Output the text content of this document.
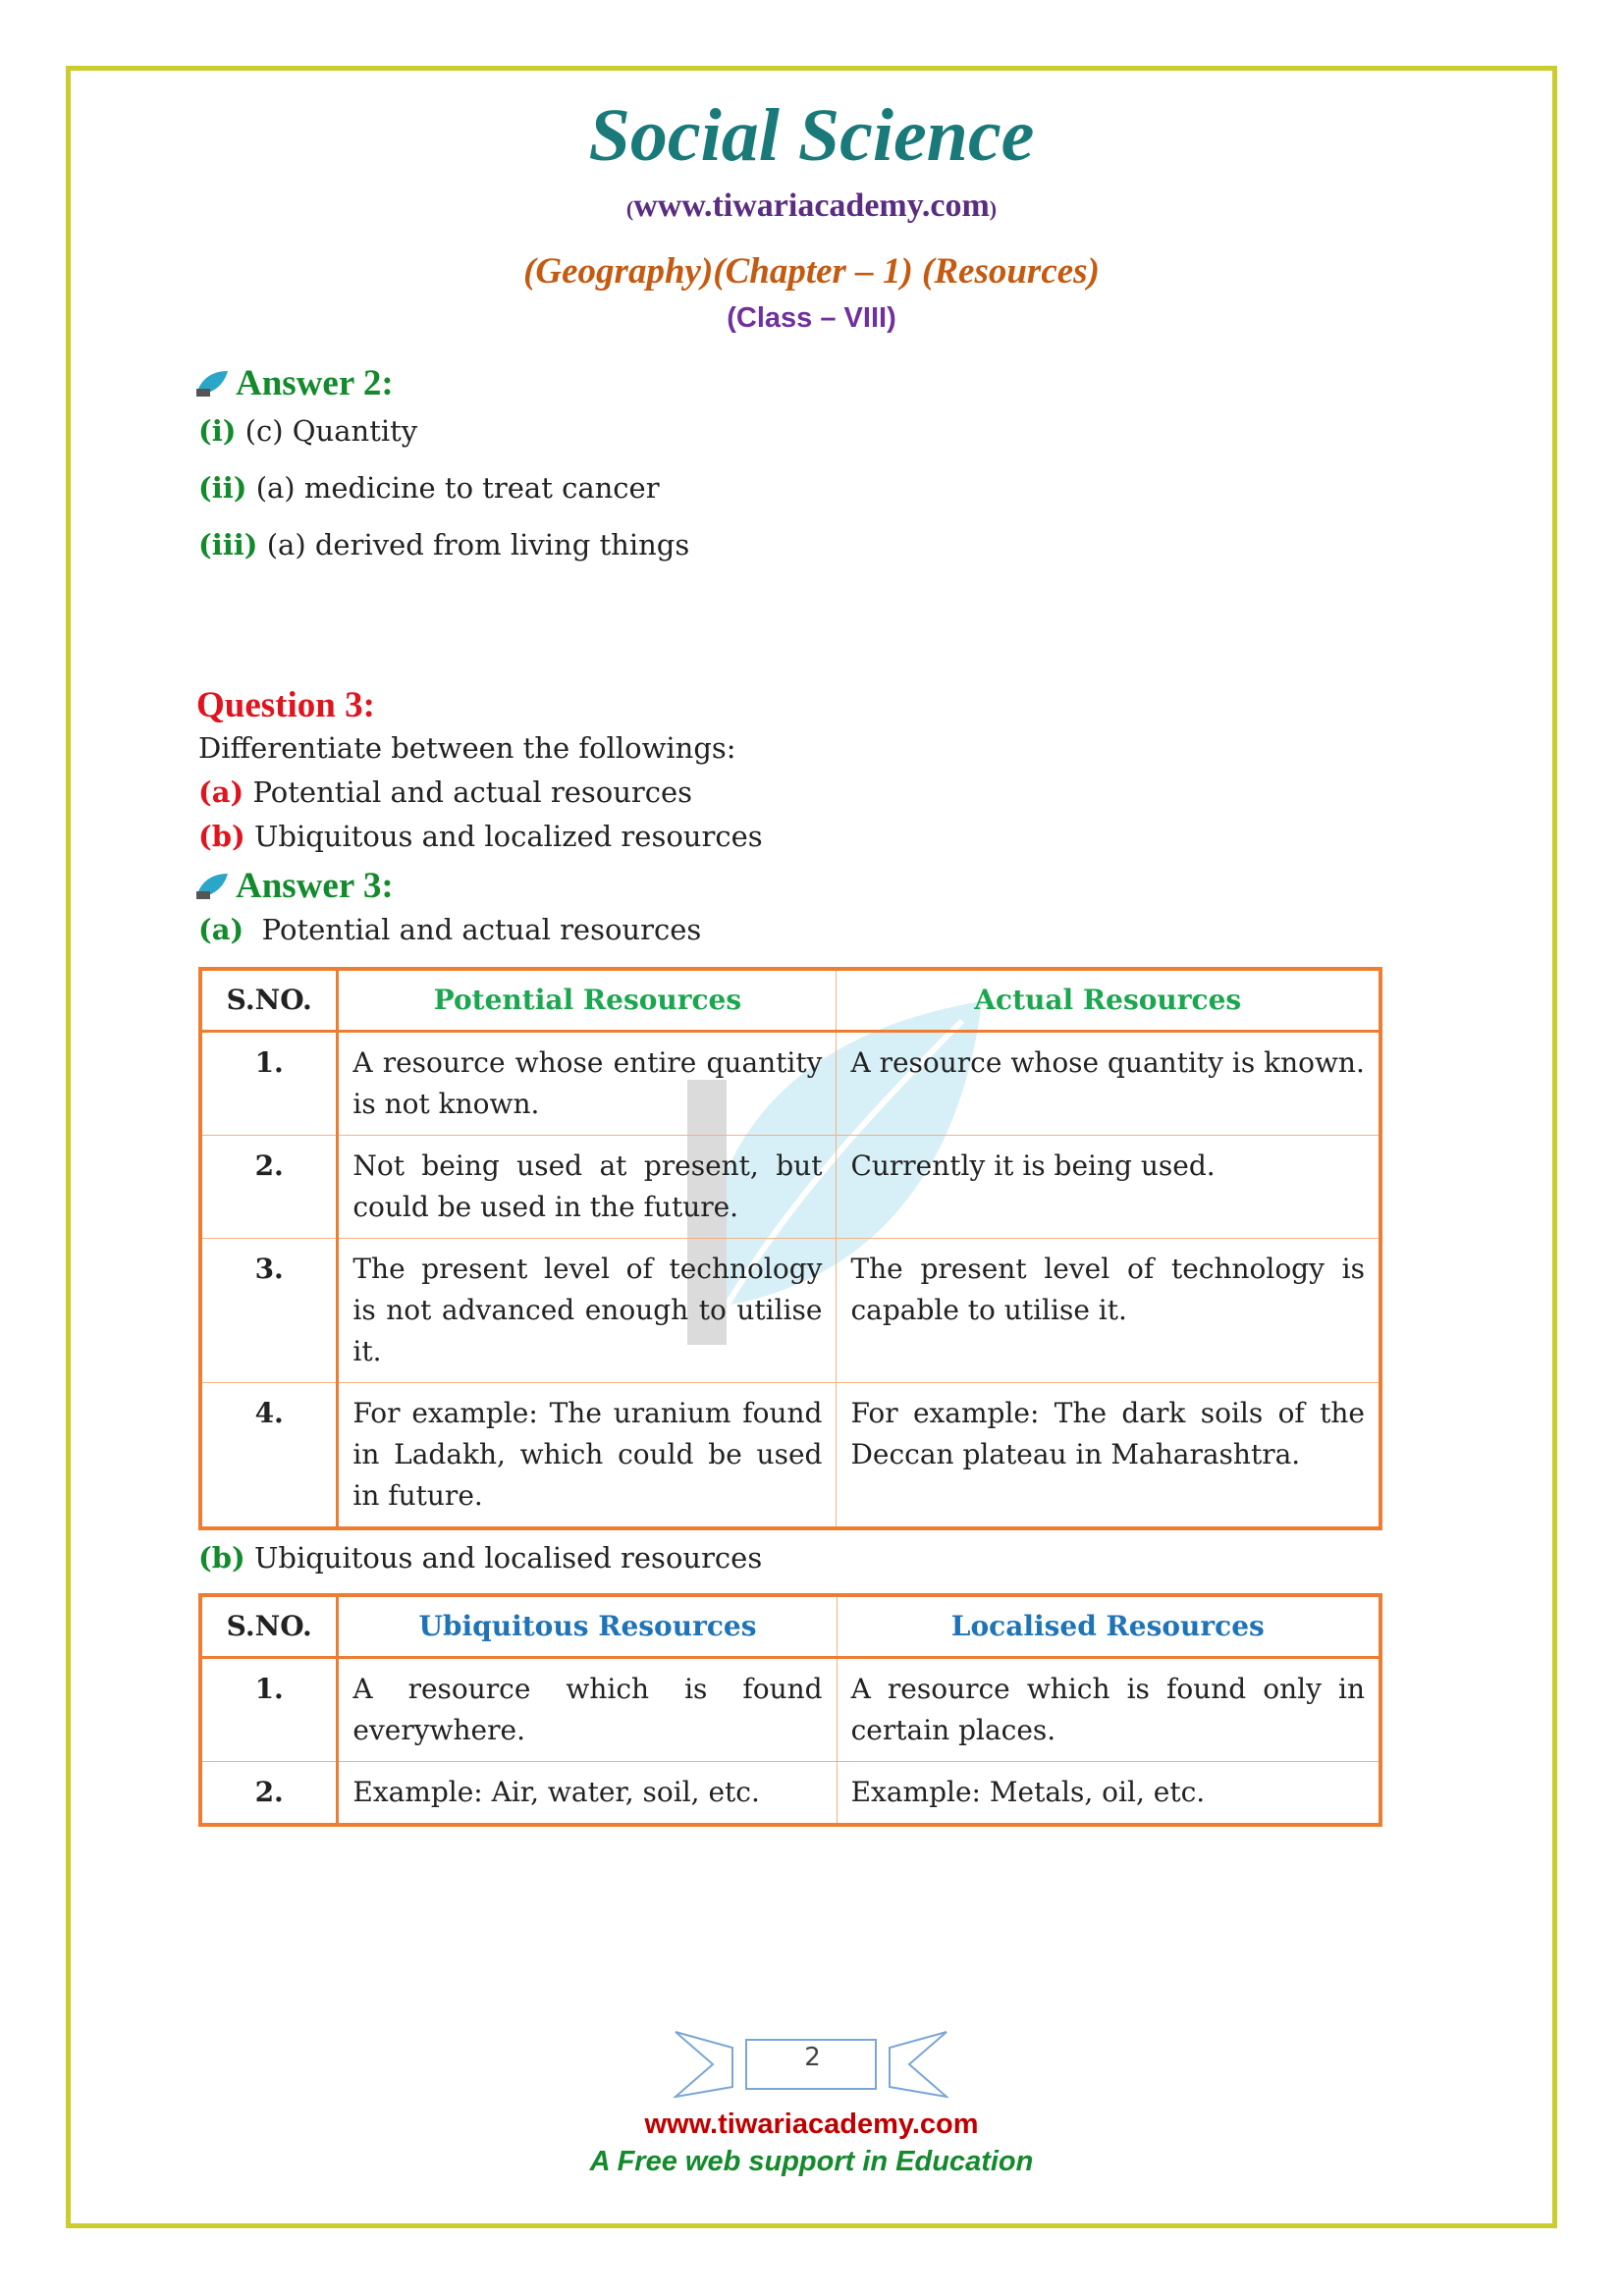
Social Science
(www.tiwariacademy.com)
(Geography)(Chapter – 1) (Resources)
(Class – VIII)
Answer 2:
(i) (c) Quantity
(ii) (a) medicine to treat cancer
(iii) (a) derived from living things
Question 3:
Differentiate between the followings:
(a) Potential and actual resources
(b) Ubiquitous and localized resources
Answer 3:
(a)  Potential and actual resources
S.NO.	Potential Resources	Actual Resources
1.	A resource whose entire quantity is not known.	A resource whose quantity is known.
2.	Not being used at present, but could be used in the future.	Currently it is being used.
3.	The present level of technology is not advanced enough to utilise it.	The present level of technology is capable to utilise it.
4.	For example: The uranium found in Ladakh, which could be used in future.	For example: The dark soils of the Deccan plateau in Maharashtra.
(b) Ubiquitous and localised resources
S.NO.	Ubiquitous Resources	Localised Resources
1.	A resource which is found everywhere.	A resource which is found only in certain places.
2.	Example: Air, water, soil, etc.	Example: Metals, oil, etc.
2
www.tiwariacademy.com
A Free web support in Education
